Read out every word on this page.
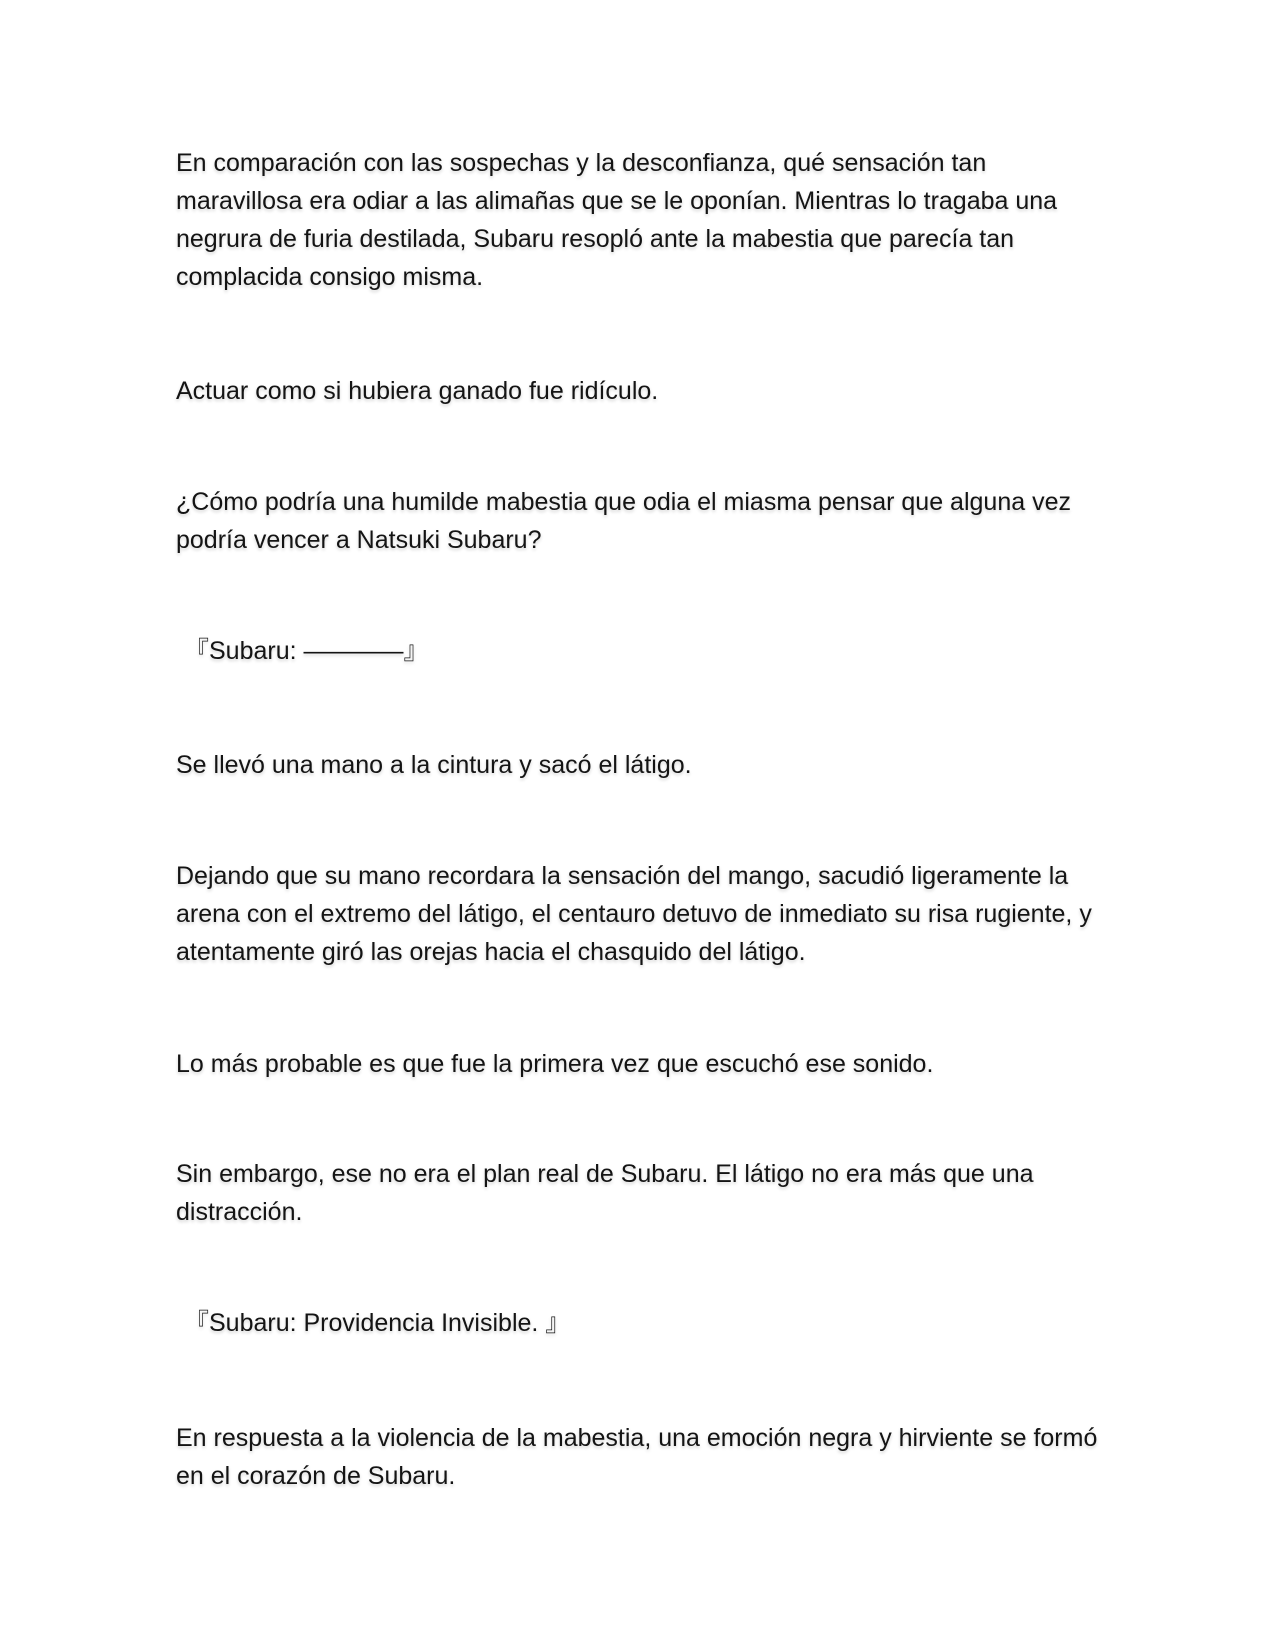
En comparación con las sospechas y la desconfianza, qué sensación tan maravillosa era odiar a las alimañas que se le oponían. Mientras lo tragaba una negrura de furia destilada, Subaru resopló ante la mabestia que parecía tan complacida consigo misma.

Actuar como si hubiera ganado fue ridículo.

¿Cómo podría una humilde mabestia que odia el miasma pensar que alguna vez podría vencer a Natsuki Subaru?

『Subaru: ————』

Se llevó una mano a la cintura y sacó el látigo.

Dejando que su mano recordara la sensación del mango, sacudió ligeramente la arena con el extremo del látigo, el centauro detuvo de inmediato su risa rugiente, y atentamente giró las orejas hacia el chasquido del látigo.

Lo más probable es que fue la primera vez que escuchó ese sonido.

Sin embargo, ese no era el plan real de Subaru. El látigo no era más que una distracción.

『Subaru: Providencia Invisible. 』

En respuesta a la violencia de la mabestia, una emoción negra y hirviente se formó en el corazón de Subaru.
